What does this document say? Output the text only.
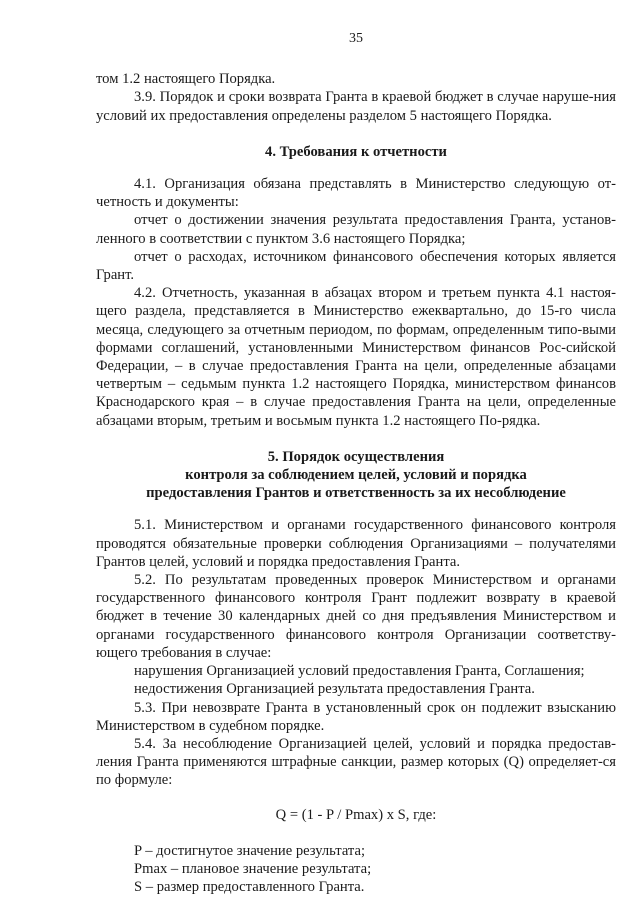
35

том 1.2 настоящего Порядка.

3.9. Порядок и сроки возврата Гранта в краевой бюджет в случае наруше-ния условий их предоставления определены разделом 5 настоящего Порядка.

4. Требования к отчетности

4.1. Организация обязана представлять в Министерство следующую от-четность и документы:

отчет о достижении значения результата предоставления Гранта, установ-ленного в соответствии с пунктом 3.6 настоящего Порядка;

отчет о расходах, источником финансового обеспечения которых является Грант.

4.2. Отчетность, указанная в абзацах втором и третьем пункта 4.1 настоя-щего раздела, представляется в Министерство ежеквартально, до 15-го числа месяца, следующего за отчетным периодом, по формам, определенным типо-выми формами соглашений, установленными Министерством финансов Рос-сийской Федерации, – в случае предоставления Гранта на цели, определенные абзацами четвертым – седьмым пункта 1.2 настоящего Порядка, министерством финансов Краснодарского края – в случае предоставления Гранта на цели, определенные абзацами вторым, третьим и восьмым пункта 1.2 настоящего По-рядка.

5. Порядок осуществления
контроля за соблюдением целей, условий и порядка
предоставления Грантов и ответственность за их несоблюдение

5.1. Министерством и органами государственного финансового контроля проводятся обязательные проверки соблюдения Организациями – получателями Грантов целей, условий и порядка предоставления Гранта.

5.2. По результатам проведенных проверок Министерством и органами государственного финансового контроля Грант подлежит возврату в краевой бюджет в течение 30 календарных дней со дня предъявления Министерством и органами государственного финансового контроля Организации соответству-ющего требования в случае:

нарушения Организацией условий предоставления Гранта, Соглашения;

недостижения Организацией результата предоставления Гранта.

5.3. При невозврате Гранта в установленный срок он подлежит взысканию Министерством в судебном порядке.

5.4. За несоблюдение Организацией целей, условий и порядка предостав-ления Гранта применяются штрафные санкции, размер которых (Q) определяет-ся по формуле:

Q = (1 - P / Pmax) x S, где:

P – достигнутое значение результата;

Pmax – плановое значение результата;

S – размер предоставленного Гранта.
